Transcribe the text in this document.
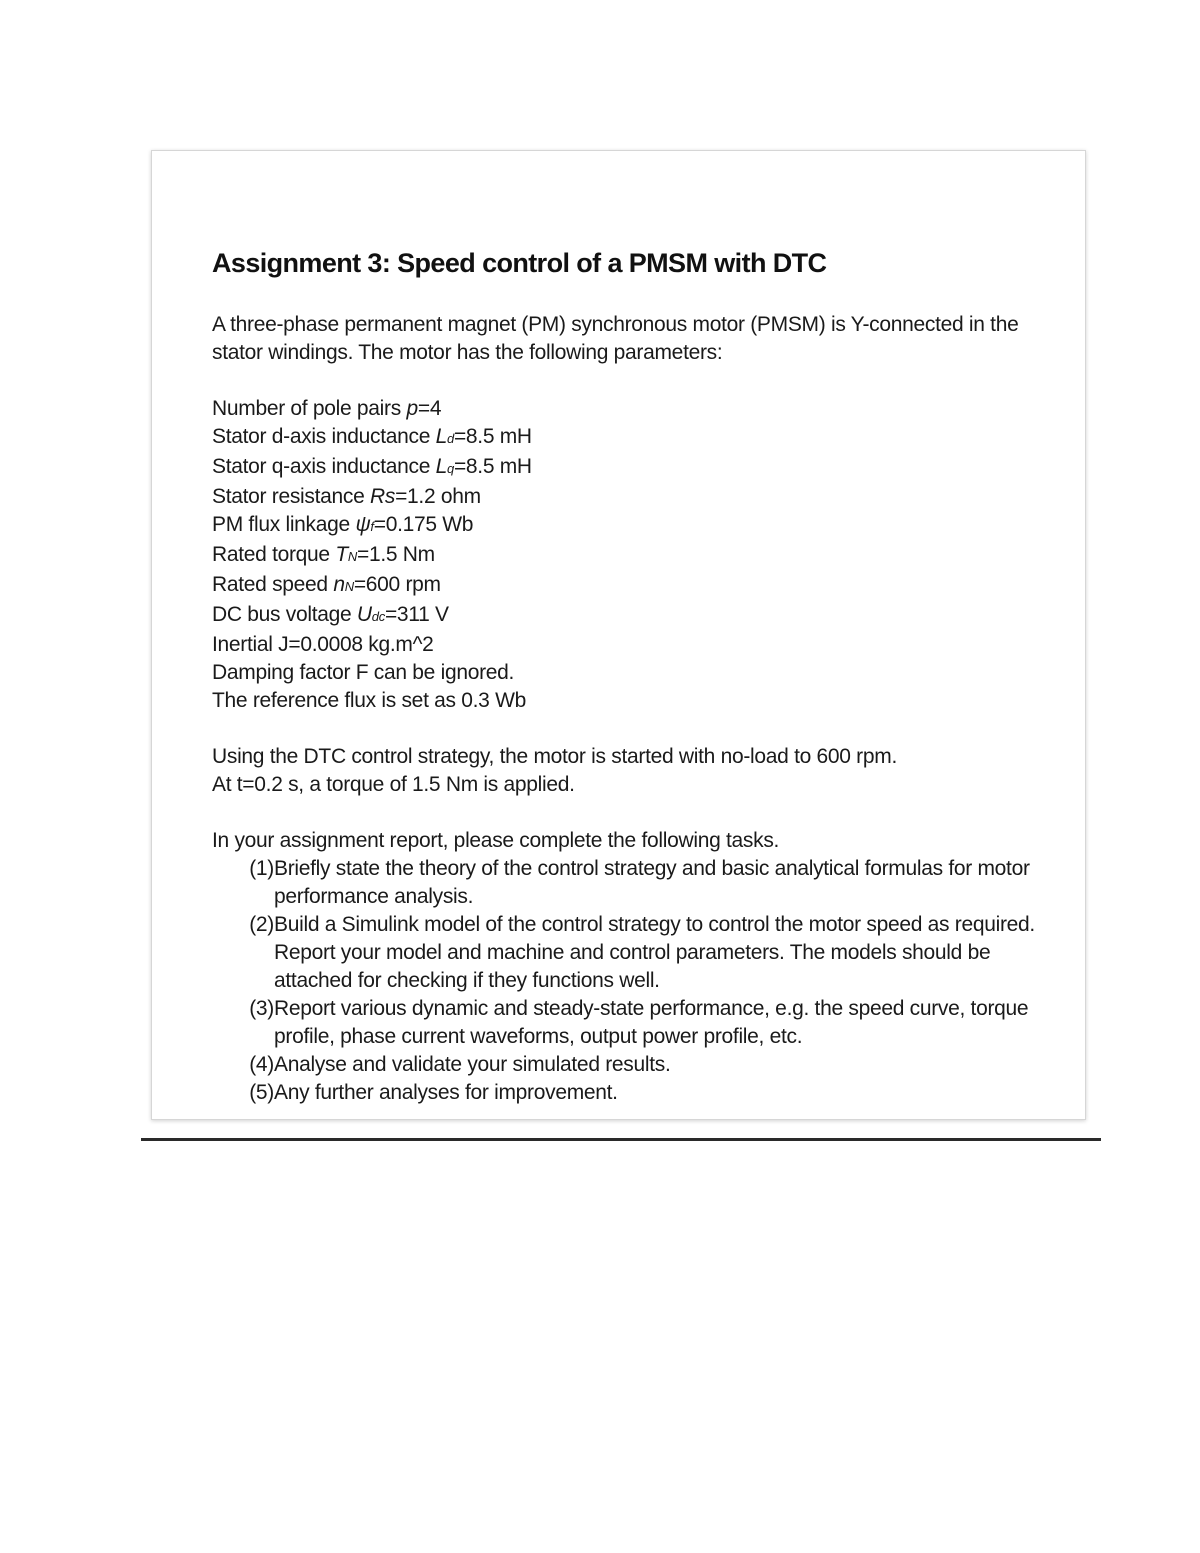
Assignment 3: Speed control of a PMSM with DTC

A three-phase permanent magnet (PM) synchronous motor (PMSM) is Y-connected in the stator windings. The motor has the following parameters:

Number of pole pairs p=4
Stator d-axis inductance Ld=8.5 mH
Stator q-axis inductance Lq=8.5 mH
Stator resistance Rs=1.2 ohm
PM flux linkage ψf=0.175 Wb
Rated torque TN=1.5 Nm
Rated speed nN=600 rpm
DC bus voltage Udc=311 V
Inertial J=0.0008 kg.m^2
Damping factor F can be ignored.
The reference flux is set as 0.3 Wb
Using the DTC control strategy, the motor is started with no-load to 600 rpm.
At t=0.2 s, a torque of 1.5 Nm is applied.
In your assignment report, please complete the following tasks.
(1) Briefly state the theory of the control strategy and basic analytical formulas for motor performance analysis.
(2) Build a Simulink model of the control strategy to control the motor speed as required. Report your model and machine and control parameters. The models should be attached for checking if they functions well.
(3) Report various dynamic and steady-state performance, e.g. the speed curve, torque profile, phase current waveforms, output power profile, etc.
(4) Analyse and validate your simulated results.
(5) Any further analyses for improvement.
